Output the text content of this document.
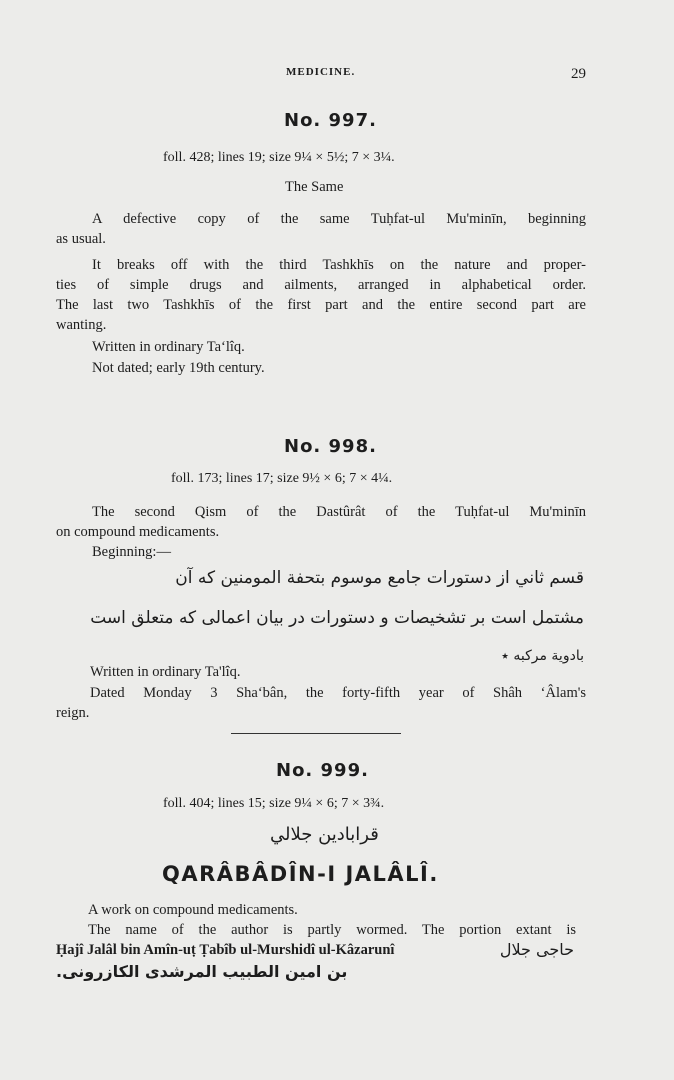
MEDICINE.	29
No. 997.
foll. 428; lines 19; size 9¼ × 5½; 7 × 3¼.
The Same
A defective copy of the same Tuḥfat-ul Mu'minīn, beginning
as usual.
It breaks off with the third Tashkhīs on the nature and proper-
ties of simple drugs and ailments, arranged in alphabetical order.
The last two Tashkhīs of the first part and the entire second part are
wanting.
Written in ordinary Ta‘lîq.
Not dated; early 19th century.
No. 998.
foll. 173; lines 17; size 9½ × 6; 7 × 4¼.
The second Qism of the Dastûrât of the Tuḥfat-ul Mu'minīn
on compound medicaments.
Beginning:—
قسم ثاني از دستورات جامع موسوم بتحفة المومنين كه آن
مشتمل است بر تشخيصات و دستورات در بيان اعمالى كه متعلق است
بادوية مركبه ٭
Written in ordinary Ta'lîq.
Dated Monday 3 Sha‘bân, the forty-fifth year of Shâh ‘Âlam's
reign.
No. 999.
foll. 404; lines 15; size 9¼ × 6; 7 × 3¾.
قرابادين جلالي
QARÂBÂDÎN-I JALÂLÎ.
A work on compound medicaments.
The name of the author is partly wormed. The portion extant is
Ḥajî Jalâl bin Amîn-uṭ Ṭabîb ul-Murshidî ul-Kâzarunî	حاجى جلال
بن امين الطبيب المرشدى الكازرونى.
